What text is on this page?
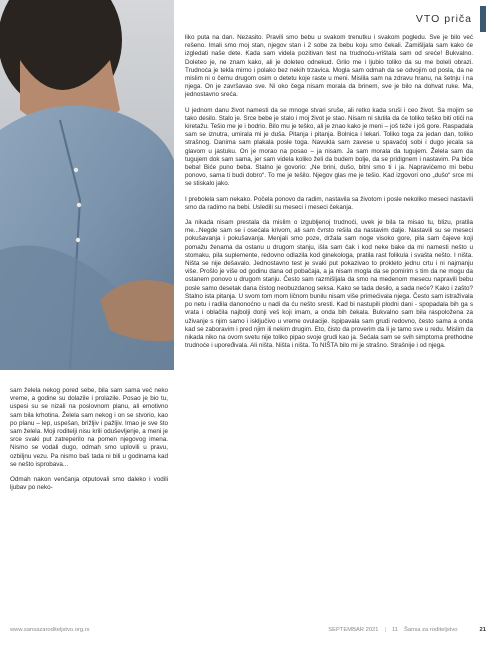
VTO priča

sam želela nekog pored sebe, bila sam sama već neko vreme, a godine su dolazile i prolazile. Posao je bio tu, uspesi su se nizali na poslovnom planu, ali emotivno sam bila krhotina. Želela sam nekog i on se stvorio, kao po planu – lep, uspešan, brižljiv i pažljiv. Imao je sve što sam želela. Moji roditelji nisu krili oduševljenje, a meni je srce svaki put zatreperilo na pomen njegovog imena. Nismo se vodali dugo, odmah smo uplovili u pravu, ozbiljnu vezu. Pa nismo baš tada ni bili u godinama kad se nešto isprobava...

Odmah nakon venčanja otputovali smo daleko i vodili ljubav po neko-

liko puta na dan. Nezasito. Pravili smo bebu u svakom trenutku i svakom pogledu. Sve je bilo već rešeno. Imali smo moj stan, njegov stan i 2 sobe za bebu koju smo čekali. Zamišljala sam kako će izgledati naše dete. Kada sam videla pozitivan test na trudnoću-vrištala sam od sreće! Bukvalno. Doleteo je, ne znam kako, ali je doleteo odnekud. Grlio me i ljubio toliko da su me boleli obrazi. Trudnoća je tekla mirno i polako bez nekih trzavica. Mogla sam odmah da se odvojim od posla, da ne mislim ni o čemu drugom osim o detetu koje raste u meni. Mislila sam na zdravu hranu, na šetnju i na njega. On je završavao sve. Ni oko čega nisam morala da brinem, sve je bilo na dohvat ruke. Ma, jednostavno sreća.

U jednom danu život namesti da se mnoge stvari sruše, ali retko kada sruši i ceo život. Sa mojim se tako desilo. Stalo je. Srce bebe je stalo i moj život je stao. Nisam ni slutila da će toliko teško biti otići na kiretažu. Tešio me je i bodrio. Bilo mu je teško, ali je znao kako je meni – još teže i još gore. Raspadala sam se iznutra, umirala mi je duša. Pitanja i pitanja. Bolnica i lekari. Toliko toga za jedan dan, toliko strašnog. Danima sam plakala posle toga. Navukla sam zavese u spavaćoj sobi i dugo jecala sa glavom u jastuku. On je morao na posao – ja nisam. Ja sam morala da tugujem. Želela sam da tugujem dok sam sama, jer sam videla koliko želi da budem bolje, da se pridignem i nastavim. Pa biće beba! Biće puno beba. Stalno je govorio: „Ne brini, dušo, bitni smo ti i ja. Napravićemo mi bebu ponovo, sama ti budi dobro“. To me je tešilo. Njegov glas me je tešio. Kad izgovori ono „dušo“ srce mi se stiskalo jako.

I prebolela sam nekako. Počela ponovo da radim, nastavila sa životom i posle nekoliko meseci nastavili smo da radimo na bebi. Usledili su meseci i meseci čekanja.

Ja nikada nisam prestala da mislim o izgubljenoj trudnoći, uvek je bila ta misao tu, blizu, pratila me...Negde sam se i osećala krivom, ali sam čvrsto rešila da nastavim dalje. Nastavili su se meseci pokušavanja i pokušavanja. Menjali smo poze, držala sam noge visoko gore, pila sam čajeve koji pomažu ženama da ostanu u drugom stanju, išla sam čak i kod neke bake da mi namesti nešto u stomaku, pila suplemente, redovno odlazila kod ginekologa, pratila rast folikula i svašta nešto. I ništa. Ništa se nije dešavalo. Jednostavno test je svaki put pokazivao to prokleto jednu crtu i ni najmanju više. Prošlo je više od godinu dana od pobačaja, a ja nisam mogla da se pomirim s tim da ne mogu da ostanem ponovo u drugom stanju. Često sam razmišljala da smo na medenom mesecu napravili bebu posle samo desetak dana čistog neobuzdanog seksa. Kako se tada desilo, a sada neće? Kako i zašto? Stalno ista pitanja. U svom tom mom ličnom bunilu nisam više primećivala njega. Često sam istraživala po netu i radila danonoćno u nadi da ću nešto sresti. Kad bi nastupili plodni dani - spopadala bih ga s vrata i oblačila najbolji donji veš koji imam, a onda bih čekala. Bukvalno sam bila raspoložena za uživanje s njim samo i isključivo u vreme ovulacije. Ispipavala sam grudi redovno, često sama a onda kad se zaboravim i pred njim ili nekim drugim. Eto, čisto da proverim da li je tamo sve u redu. Mislim da nikada niko na ovom svetu nije toliko pipao svoje grudi kao ja. Sećala sam se svih simptoma prethodne trudnoće i upoređivala. Ali ništa. Ništa i ništa. To NIŠTA bilo mi je strašno. Strašnije i od njega.

www.sansazaroditeljstvo.org.rs	SEPTEMBAR 2021 | 11 Šansa za roditeljstvo	21
